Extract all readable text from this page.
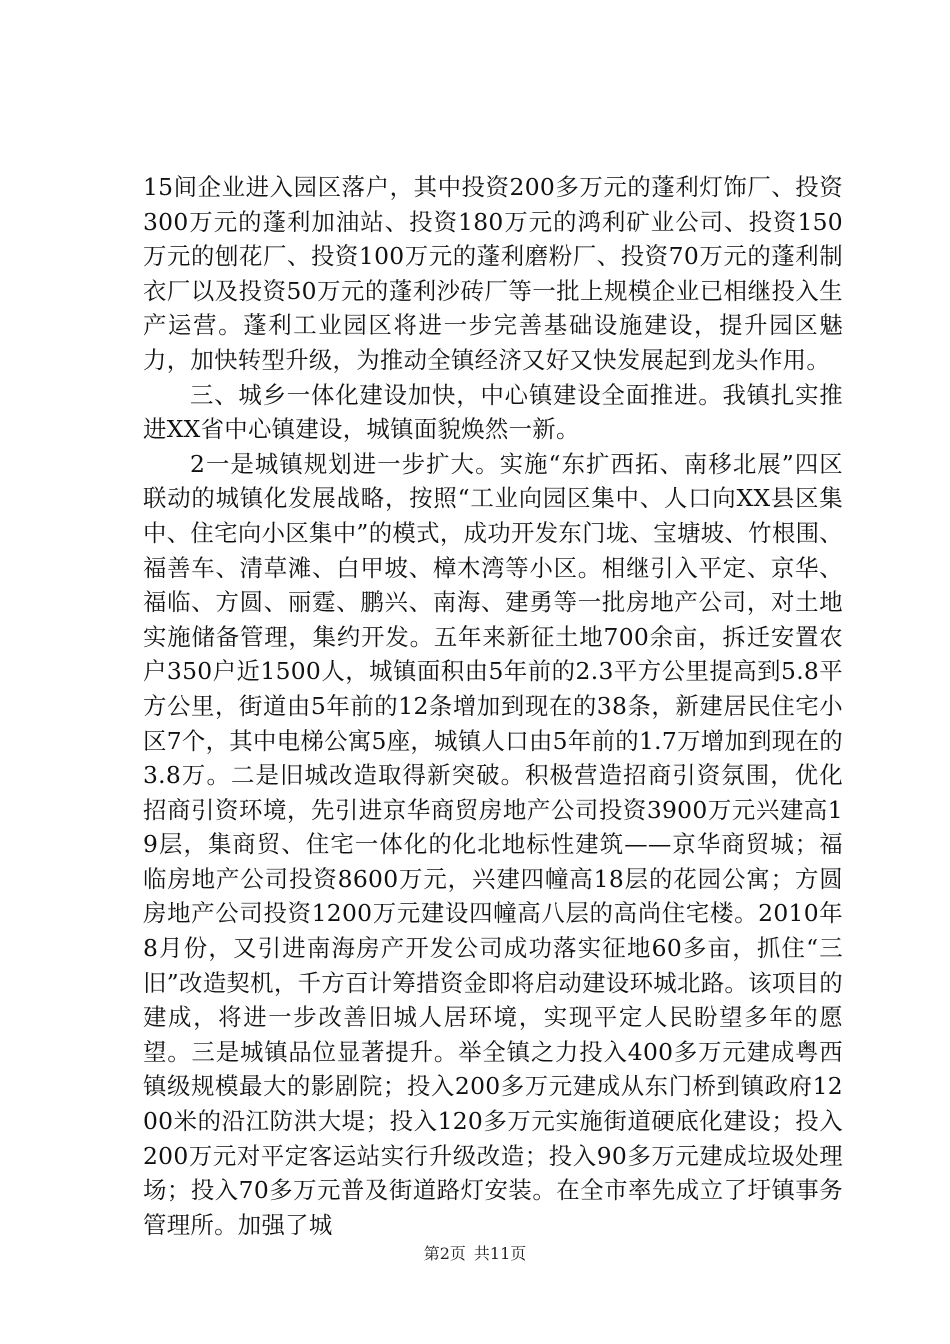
15间企业进入园区落户，其中投资200多万元的蓬利灯饰厂、投资300万元的蓬利加油站、投资180万元的鸿利矿业公司、投资150万元的刨花厂、投资100万元的蓬利磨粉厂、投资70万元的蓬利制衣厂以及投资50万元的蓬利沙砖厂等一批上规模企业已相继投入生产运营。蓬利工业园区将进一步完善基础设施建设，提升园区魅力，加快转型升级，为推动全镇经济又好又快发展起到龙头作用。

三、城乡一体化建设加快，中心镇建设全面推进。我镇扎实推进XX省中心镇建设，城镇面貌焕然一新。

2一是城镇规划进一步扩大。实施“东扩西拓、南移北展”四区联动的城镇化发展战略，按照“工业向园区集中、人口向XX县区集中、住宅向小区集中”的模式，成功开发东门垅、宝塘坡、竹根围、福善车、清草滩、白甲坡、樟木湾等小区。相继引入平定、京华、福临、方圆、丽霆、鹏兴、南海、建勇等一批房地产公司，对土地实施储备管理，集约开发。五年来新征土地700余亩，拆迁安置农户350户近1500人，城镇面积由5年前的2.3平方公里提高到5.8平方公里，街道由5年前的12条增加到现在的38条，新建居民住宅小区7个，其中电梯公寓5座，城镇人口由5年前的1.7万增加到现在的3.8万。二是旧城改造取得新突破。积极营造招商引资氛围，优化招商引资环境，先引进京华商贸房地产公司投资3900万元兴建高19层，集商贸、住宅一体化的化北地标性建筑——京华商贸城；福临房地产公司投资8600万元，兴建四幢高18层的花园公寓；方圆房地产公司投资1200万元建设四幢高八层的高尚住宅楼。2010年8月份，又引进南海房产开发公司成功落实征地60多亩，抓住“三旧”改造契机，千方百计筹措资金即将启动建设环城北路。该项目的建成，将进一步改善旧城人居环境，实现平定人民盼望多年的愿望。三是城镇品位显著提升。举全镇之力投入400多万元建成粤西镇级规模最大的影剧院；投入200多万元建成从东门桥到镇政府1200米的沿江防洪大堤；投入120多万元实施街道硬底化建设；投入200万元对平定客运站实行升级改造；投入90多万元建成垃圾处理场；投入70多万元普及街道路灯安装。在全市率先成立了圩镇事务管理所。加强了城

第2页 共11页
